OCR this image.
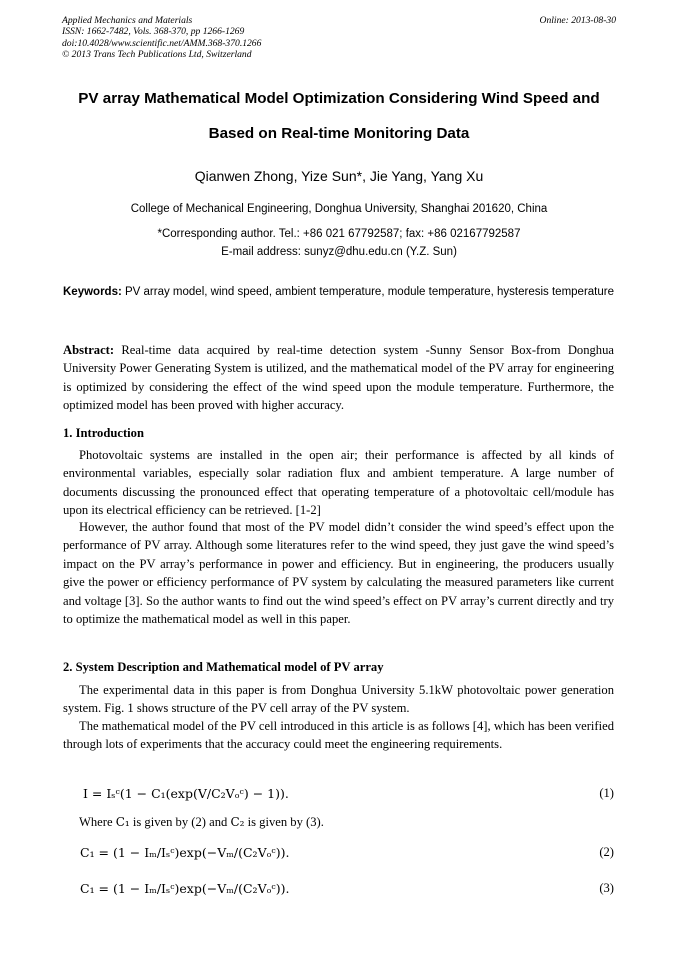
Applied Mechanics and Materials
ISSN: 1662-7482, Vols. 368-370, pp 1266-1269
doi:10.4028/www.scientific.net/AMM.368-370.1266
© 2013 Trans Tech Publications Ltd, Switzerland
Online: 2013-08-30
PV array Mathematical Model Optimization Considering Wind Speed and
Based on Real-time Monitoring Data
Qianwen Zhong, Yize Sun*, Jie Yang, Yang Xu
College of Mechanical Engineering, Donghua University, Shanghai 201620, China
*Corresponding author. Tel.: +86 021 67792587; fax: +86 02167792587
E-mail address: sunyz@dhu.edu.cn (Y.Z. Sun)

Keywords: PV array model, wind speed, ambient temperature, module temperature, hysteresis temperature

Abstract: Real-time data acquired by real-time detection system -Sunny Sensor Box-from Donghua University Power Generating System is utilized, and the mathematical model of the PV array for engineering is optimized by considering the effect of the wind speed upon the module temperature. Furthermore, the optimized model has been proved with higher accuracy.

1. Introduction

Photovoltaic systems are installed in the open air; their performance is affected by all kinds of environmental variables, especially solar radiation flux and ambient temperature. A large number of documents discussing the pronounced effect that operating temperature of a photovoltaic cell/module has upon its electrical efficiency can be retrieved. [1-2]

However, the author found that most of the PV model didn’t consider the wind speed’s effect upon the performance of PV array. Although some literatures refer to the wind speed, they just gave the wind speed’s impact on the PV array’s performance in power and efficiency. But in engineering, the producers usually give the power or efficiency performance of PV system by calculating the measured parameters like current and voltage [3]. So the author wants to find out the wind speed’s effect on PV array’s current directly and try to optimize the mathematical model as well in this paper.

2. System Description and Mathematical model of PV array

The experimental data in this paper is from Donghua University 5.1kW photovoltaic power generation system. Fig. 1 shows structure of the PV cell array of the PV system.

The mathematical model of the PV cell introduced in this article is as follows [4], which has been verified through lots of experiments that the accuracy could meet the engineering requirements.

I = Iₛᶜ(1 − C₁(exp(V/C₂Vₒᶜ) − 1)).	(1)
Where C₁ is given by (2) and C₂ is given by (3).
C₁ = (1 − Iₘ/Iₛᶜ)exp(−Vₘ/(C₂Vₒᶜ)).	(2)
C₁ = (1 − Iₘ/Iₛᶜ)exp(−Vₘ/(C₂Vₒᶜ)).	(3)
